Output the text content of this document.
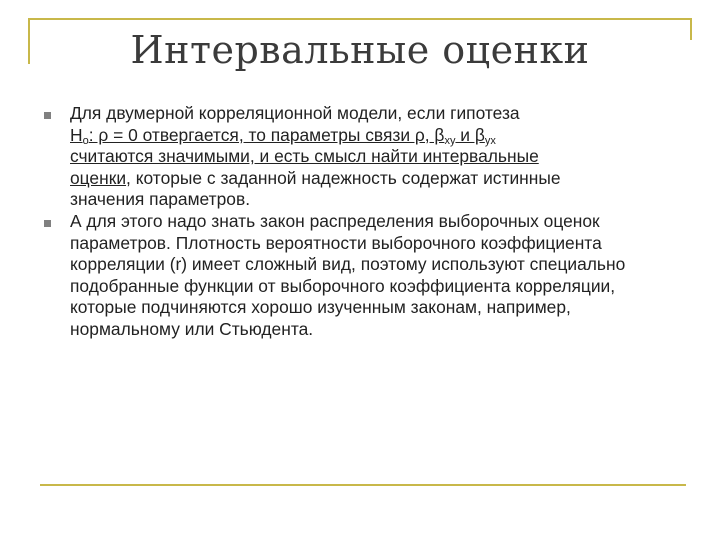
Интервальные оценки
Для двумерной корреляционной модели, если гипотеза
$H_o$: ρ = 0 отвергается, то параметры связи ρ, $\beta_{xy}$ и $\beta_{yx}$
считаются значимыми, и есть смысл найти интервальные
оценки, которые с заданной надежность содержат истинные
значения параметров.
А для этого надо знать закон распределения выборочных оценок параметров. Плотность вероятности выборочного коэффициента корреляции (r) имеет сложный вид, поэтому используют специально подобранные функции от выборочного коэффициента корреляции, которые подчиняются хорошо изученным законам, например, нормальному или Стьюдента.
